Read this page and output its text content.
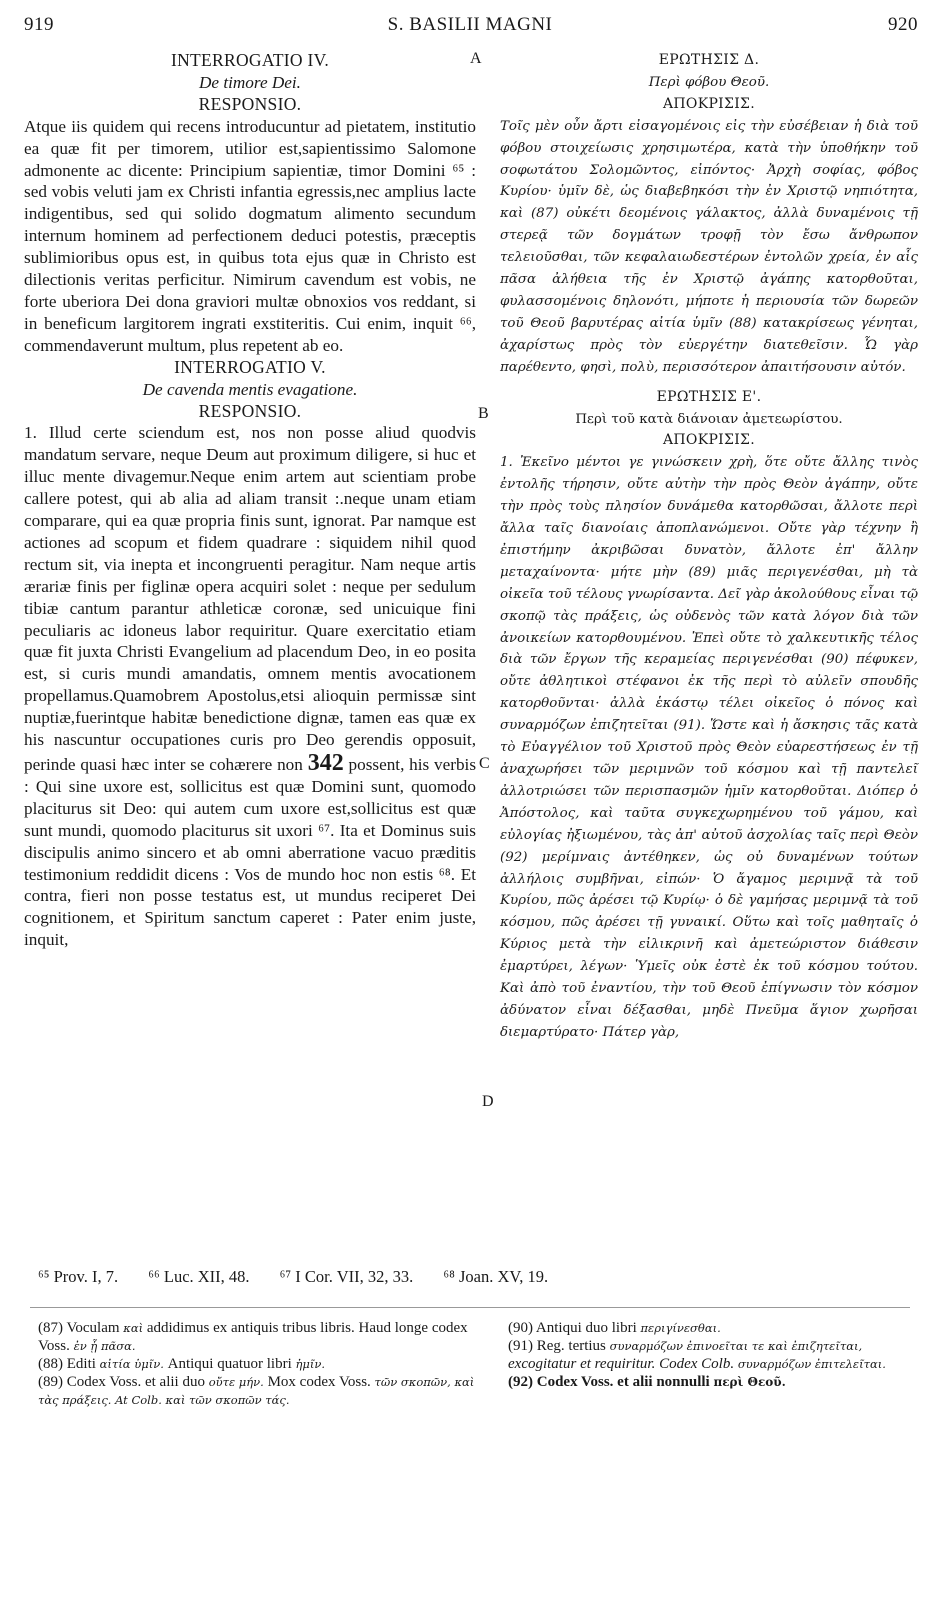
919	S. BASILII MAGNI	920
A
B
C
D
INTERROGATIO IV.
De timore Dei.
RESPONSIO.

Atque iis quidem qui recens introducuntur ad pietatem, institutio ea quæ fit per timorem, utilior est,sapientissimo Salomone admonente ac dicente: Principium sapientiæ, timor Domini ⁶⁵ : sed vobis veluti jam ex Christi infantia egressis,nec amplius lacte indigentibus, sed qui solido dogmatum alimento secundum internum hominem ad perfectionem deduci potestis, præceptis sublimioribus opus est, in quibus tota ejus quæ in Christo est dilectionis veritas perficitur. Nimirum cavendum est vobis, ne forte uberiora Dei dona graviori multæ obnoxios vos reddant, si in beneficum largitorem ingrati exstiteritis. Cui enim, inquit ⁶⁶, commendaverunt multum, plus repetent ab eo.

INTERROGATIO V.
De cavenda mentis evagatione.
RESPONSIO.

1. Illud certe sciendum est, nos non posse aliud quodvis mandatum servare, neque Deum aut proximum diligere, si huc et illuc mente divagemur.Neque enim artem aut scientiam probe callere potest, qui ab alia ad aliam transit :.neque unam etiam comparare, qui ea quæ propria finis sunt, ignorat. Par namque est actiones ad scopum et fidem quadrare : siquidem nihil quod rectum sit, via inepta et incongruenti peragitur. Nam neque artis ærariæ finis per figlinæ opera acquiri solet : neque per sedulum tibiæ cantum parantur athleticæ coronæ, sed unicuique fini peculiaris ac idoneus labor requiritur. Quare exercitatio etiam quæ fit juxta Christi Evangelium ad placendum Deo, in eo posita est, si curis mundi amandatis, omnem mentis avocationem propellamus.Quamobrem Apostolus,etsi alioquin permissæ sint nuptiæ,fuerintque habitæ benedictione dignæ, tamen eas quæ ex his nascuntur occupationes curis pro Deo gerendis opposuit, perinde quasi hæc inter se cohærere non 342 possent, his verbis : Qui sine uxore est, sollicitus est quæ Domini sunt, quomodo placiturus sit Deo: qui autem cum uxore est,sollicitus est quæ sunt mundi, quomodo placiturus sit uxori ⁶⁷. Ita et Dominus suis discipulis animo sincero et ab omni aberratione vacuo præditis testimonium reddidit dicens : Vos de mundo hoc non estis ⁶⁸. Et contra, fieri non posse testatus est, ut mundus reciperet Dei cognitionem, et Spiritum sanctum caperet : Pater enim juste, inquit,

ΕΡΩΤΗΣΙΣ Δ.
Περὶ φόβου Θεοῦ.
ΑΠΟΚΡΙΣΙΣ.

Τοῖς μὲν οὖν ἄρτι εἰσαγομένοις εἰς τὴν εὐσέβειαν ἡ διὰ τοῦ φόβου στοιχείωσις χρησιμωτέρα, κατὰ τὴν ὑποθήκην τοῦ σοφωτάτου Σολομῶντος, εἰπόντος· Ἀρχὴ σοφίας, φόβος Κυρίου· ὑμῖν δὲ, ὡς διαβεβηκόσι τὴν ἐν Χριστῷ νηπιότητα, καὶ (87) οὐκέτι δεομένοις γάλακτος, ἀλλὰ δυναμένοις τῇ στερεᾷ τῶν δογμάτων τροφῇ τὸν ἔσω ἄνθρωπον τελειοῦσθαι, τῶν κεφαλαιωδεστέρων ἐντολῶν χρεία, ἐν αἷς πᾶσα ἀλήθεια τῆς ἐν Χριστῷ ἀγάπης κατορθοῦται, φυλασσομένοις δηλονότι, μήποτε ἡ περιουσία τῶν δωρεῶν τοῦ Θεοῦ βαρυτέρας αἰτία ὑμῖν (88) κατακρίσεως γένηται, ἀχαρίστως πρὸς τὸν εὐεργέτην διατεθεῖσιν. Ὧ γὰρ παρέθεντο, φησὶ, πολὺ, περισσότερον ἀπαιτήσουσιν αὐτόν.

ΕΡΩΤΗΣΙΣ Ε'.
Περὶ τοῦ κατὰ διάνοιαν ἀμετεωρίστου.
ΑΠΟΚΡΙΣΙΣ.

1. Ἐκεῖνο μέντοι γε γινώσκειν χρὴ, ὅτε οὔτε ἄλλης τινὸς ἐντολῆς τήρησιν, οὔτε αὐτὴν τὴν πρὸς Θεὸν ἀγάπην, οὔτε τὴν πρὸς τοὺς πλησίον δυνάμεθα κατορθῶσαι, ἄλλοτε περὶ ἄλλα ταῖς διανοίαις ἀποπλανώμενοι. Οὔτε γὰρ τέχνην ἢ ἐπιστήμην ἀκριβῶσαι δυνατὸν, ἄλλοτε ἐπ' ἄλλην μεταχαίνοντα· μήτε μὴν (89) μιᾶς περιγενέσθαι, μὴ τὰ οἰκεῖα τοῦ τέλους γνωρίσαντα. Δεῖ γὰρ ἀκολούθους εἶναι τῷ σκοπῷ τὰς πράξεις, ὡς οὐδενὸς τῶν κατὰ λόγον διὰ τῶν ἀνοικείων κατορθουμένου. Ἐπεὶ οὔτε τὸ χαλκευτικῆς τέλος διὰ τῶν ἔργων τῆς κεραμείας περιγενέσθαι (90) πέφυκεν, οὔτε ἀθλητικοὶ στέφανοι ἐκ τῆς περὶ τὸ αὐλεῖν σπουδῆς κατορθοῦνται· ἀλλὰ ἑκάστῳ τέλει οἰκεῖος ὁ πόνος καὶ συναρμόζων ἐπιζητεῖται (91). Ὥστε καὶ ἡ ἄσκησις τᾶς κατὰ τὸ Εὐαγγέλιον τοῦ Χριστοῦ πρὸς Θεὸν εὐαρεστήσεως ἐν τῇ ἀναχωρήσει τῶν μεριμνῶν τοῦ κόσμου καὶ τῇ παντελεῖ ἀλλοτριώσει τῶν περισπασμῶν ἡμῖν κατορθοῦται. Διόπερ ὁ Ἀπόστολος, καὶ ταῦτα συγκεχωρημένου τοῦ γάμου, καὶ εὐλογίας ἠξιωμένου, τὰς ἀπ' αὐτοῦ ἀσχολίας ταῖς περὶ Θεὸν (92) μερίμναις ἀντέθηκεν, ὡς οὐ δυναμένων τούτων ἀλλήλοις συμβῆναι, εἰπών· Ὁ ἄγαμος μεριμνᾷ τὰ τοῦ Κυρίου, πῶς ἀρέσει τῷ Κυρίῳ· ὁ δὲ γαμήσας μεριμνᾷ τὰ τοῦ κόσμου, πῶς ἀρέσει τῇ γυναικί. Οὕτω καὶ τοῖς μαθηταῖς ὁ Κύριος μετὰ τὴν εἰλικρινῆ καὶ ἀμετεώριστον διάθεσιν ἐμαρτύρει, λέγων· Ὑμεῖς οὐκ ἐστὲ ἐκ τοῦ κόσμου τούτου. Καὶ ἀπὸ τοῦ ἐναντίου, τὴν τοῦ Θεοῦ ἐπίγνωσιν τὸν κόσμον ἀδύνατον εἶναι δέξασθαι, μηδὲ Πνεῦμα ἅγιον χωρῆσαι διεμαρτύρατο· Πάτερ γὰρ,

⁶⁵ Prov. I, 7. ⁶⁶ Luc. XII, 48. ⁶⁷ I Cor. VII, 32, 33. ⁶⁸ Joan. XV, 19.
(87) Voculam καὶ addidimus ex antiquis tribus libris. Haud longe codex Voss. ἐν ᾗ πᾶσα.
(88) Editi αἰτία ὑμῖν. Antiqui quatuor libri ἡμῖν.
(89) Codex Voss. et alii duo οὔτε μήν. Mox codex Voss. τῶν σκοπῶν, καὶ τὰς πράξεις. At Colb. καὶ τῶν σκοπῶν τάς.
(90) Antiqui duo libri περιγίνεσθαι.
(91) Reg. tertius συναρμόζων ἐπινοεῖται τε καὶ ἐπιζητεῖται, excogitatur et requiritur. Codex Colb. συναρμόζων ἐπιτελεῖται.
(92) Codex Voss. et alii nonnulli περὶ Θεοῦ.
